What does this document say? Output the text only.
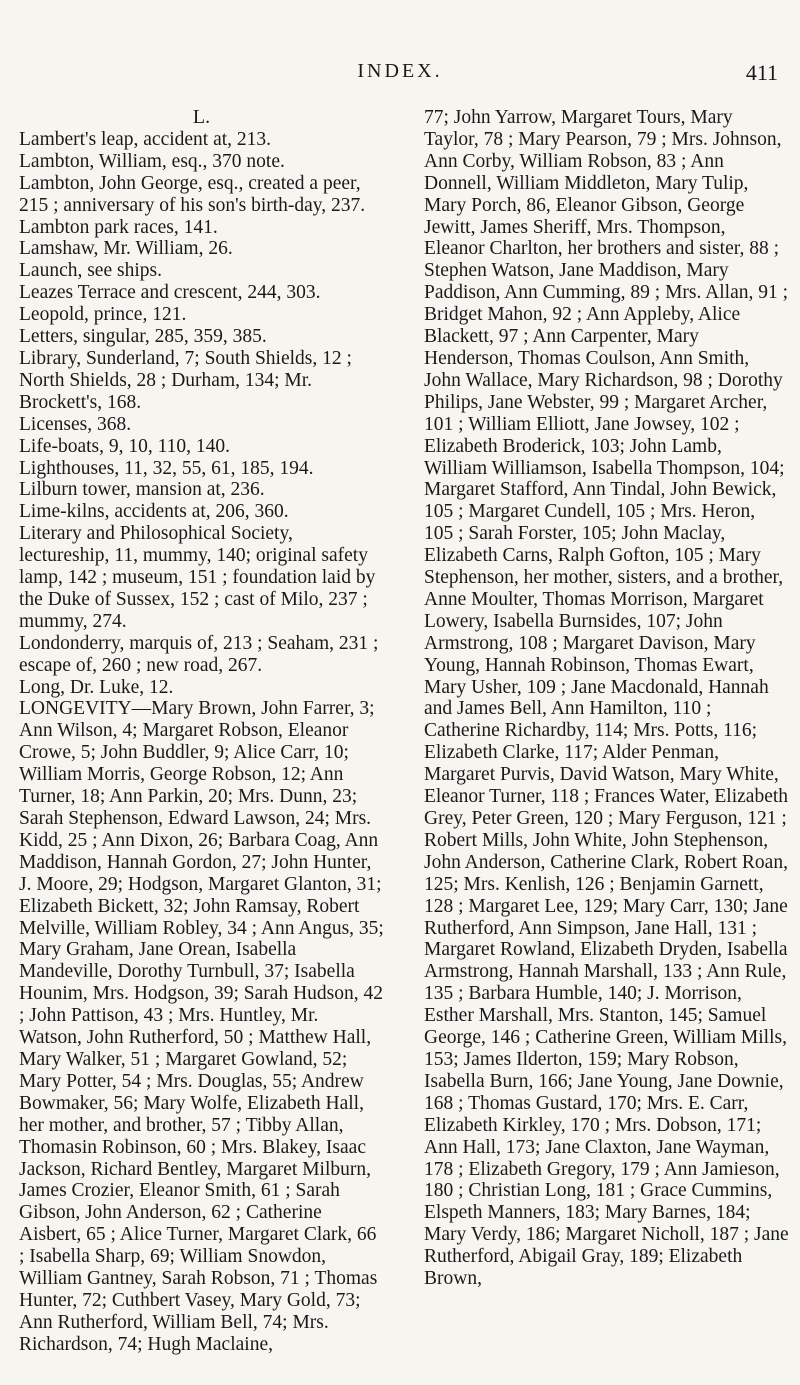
INDEX.	411

L.

Lambert's leap, accident at, 213.

Lambton, William, esq., 370 note.

Lambton, John George, esq., created a peer, 215 ; anniversary of his son's birth-day, 237.

Lambton park races, 141.

Lamshaw, Mr. William, 26.

Launch, see ships.

Leazes Terrace and crescent, 244, 303.

Leopold, prince, 121.

Letters, singular, 285, 359, 385.

Library, Sunderland, 7; South Shields, 12 ; North Shields, 28 ; Durham, 134; Mr. Brockett's, 168.

Licenses, 368.

Life-boats, 9, 10, 110, 140.

Lighthouses, 11, 32, 55, 61, 185, 194.

Lilburn tower, mansion at, 236.

Lime-kilns, accidents at, 206, 360.

Literary and Philosophical Society, lectureship, 11, mummy, 140; original safety lamp, 142 ; museum, 151 ; foundation laid by the Duke of Sussex, 152 ; cast of Milo, 237 ; mummy, 274.

Londonderry, marquis of, 213 ; Seaham, 231 ; escape of, 260 ; new road, 267.

Long, Dr. Luke, 12.

LONGEVITY—Mary Brown, John Farrer, 3; Ann Wilson, 4; Margaret Robson, Eleanor Crowe, 5; John Buddler, 9; Alice Carr, 10; William Morris, George Robson, 12; Ann Turner, 18; Ann Parkin, 20; Mrs. Dunn, 23; Sarah Stephenson, Edward Lawson, 24; Mrs. Kidd, 25 ; Ann Dixon, 26; Barbara Coag, Ann Maddison, Hannah Gordon, 27; John Hunter, J. Moore, 29; Hodgson, Margaret Glanton, 31; Elizabeth Bickett, 32; John Ramsay, Robert Melville, William Robley, 34 ; Ann Angus, 35; Mary Graham, Jane Orean, Isabella Mandeville, Dorothy Turnbull, 37; Isabella Hounim, Mrs. Hodgson, 39; Sarah Hudson, 42 ; John Pattison, 43 ; Mrs. Huntley, Mr. Watson, John Rutherford, 50 ; Matthew Hall, Mary Walker, 51 ; Margaret Gowland, 52; Mary Potter, 54 ; Mrs. Douglas, 55; Andrew Bowmaker, 56; Mary Wolfe, Elizabeth Hall, her mother, and brother, 57 ; Tibby Allan, Thomasin Robinson, 60 ; Mrs. Blakey, Isaac Jackson, Richard Bentley, Margaret Milburn, James Crozier, Eleanor Smith, 61 ; Sarah Gibson, John Anderson, 62 ; Catherine Aisbert, 65 ; Alice Turner, Margaret Clark, 66 ; Isabella Sharp, 69; William Snowdon, William Gantney, Sarah Robson, 71 ; Thomas Hunter, 72; Cuthbert Vasey, Mary Gold, 73; Ann Rutherford, William Bell, 74; Mrs. Richardson, 74; Hugh Maclaine,

77; John Yarrow, Margaret Tours, Mary Taylor, 78 ; Mary Pearson, 79 ; Mrs. Johnson, Ann Corby, William Robson, 83 ; Ann Donnell, William Middleton, Mary Tulip, Mary Porch, 86, Eleanor Gibson, George Jewitt, James Sheriff, Mrs. Thompson, Eleanor Charlton, her brothers and sister, 88 ; Stephen Watson, Jane Maddison, Mary Paddison, Ann Cumming, 89 ; Mrs. Allan, 91 ; Bridget Mahon, 92 ; Ann Appleby, Alice Blackett, 97 ; Ann Carpenter, Mary Henderson, Thomas Coulson, Ann Smith, John Wallace, Mary Richardson, 98 ; Dorothy Philips, Jane Webster, 99 ; Margaret Archer, 101 ; William Elliott, Jane Jowsey, 102 ; Elizabeth Broderick, 103; John Lamb, William Williamson, Isabella Thompson, 104; Margaret Stafford, Ann Tindal, John Bewick, 105 ; Margaret Cundell, 105 ; Mrs. Heron, 105 ; Sarah Forster, 105; John Maclay, Elizabeth Carns, Ralph Gofton, 105 ; Mary Stephenson, her mother, sisters, and a brother, Anne Moulter, Thomas Morrison, Margaret Lowery, Isabella Burnsides, 107; John Armstrong, 108 ; Margaret Davison, Mary Young, Hannah Robinson, Thomas Ewart, Mary Usher, 109 ; Jane Macdonald, Hannah and James Bell, Ann Hamilton, 110 ; Catherine Richardby, 114; Mrs. Potts, 116; Elizabeth Clarke, 117; Alder Penman, Margaret Purvis, David Watson, Mary White, Eleanor Turner, 118 ; Frances Water, Elizabeth Grey, Peter Green, 120 ; Mary Ferguson, 121 ; Robert Mills, John White, John Stephenson, John Anderson, Catherine Clark, Robert Roan, 125; Mrs. Kenlish, 126 ; Benjamin Garnett, 128 ; Margaret Lee, 129; Mary Carr, 130; Jane Rutherford, Ann Simpson, Jane Hall, 131 ; Margaret Rowland, Elizabeth Dryden, Isabella Armstrong, Hannah Marshall, 133 ; Ann Rule, 135 ; Barbara Humble, 140; J. Morrison, Esther Marshall, Mrs. Stanton, 145; Samuel George, 146 ; Catherine Green, William Mills, 153; James Ilderton, 159; Mary Robson, Isabella Burn, 166; Jane Young, Jane Downie, 168 ; Thomas Gustard, 170; Mrs. E. Carr, Elizabeth Kirkley, 170 ; Mrs. Dobson, 171; Ann Hall, 173; Jane Claxton, Jane Wayman, 178 ; Elizabeth Gregory, 179 ; Ann Jamieson, 180 ; Christian Long, 181 ; Grace Cummins, Elspeth Manners, 183; Mary Barnes, 184; Mary Verdy, 186; Margaret Nicholl, 187 ; Jane Rutherford, Abigail Gray, 189; Elizabeth Brown,
